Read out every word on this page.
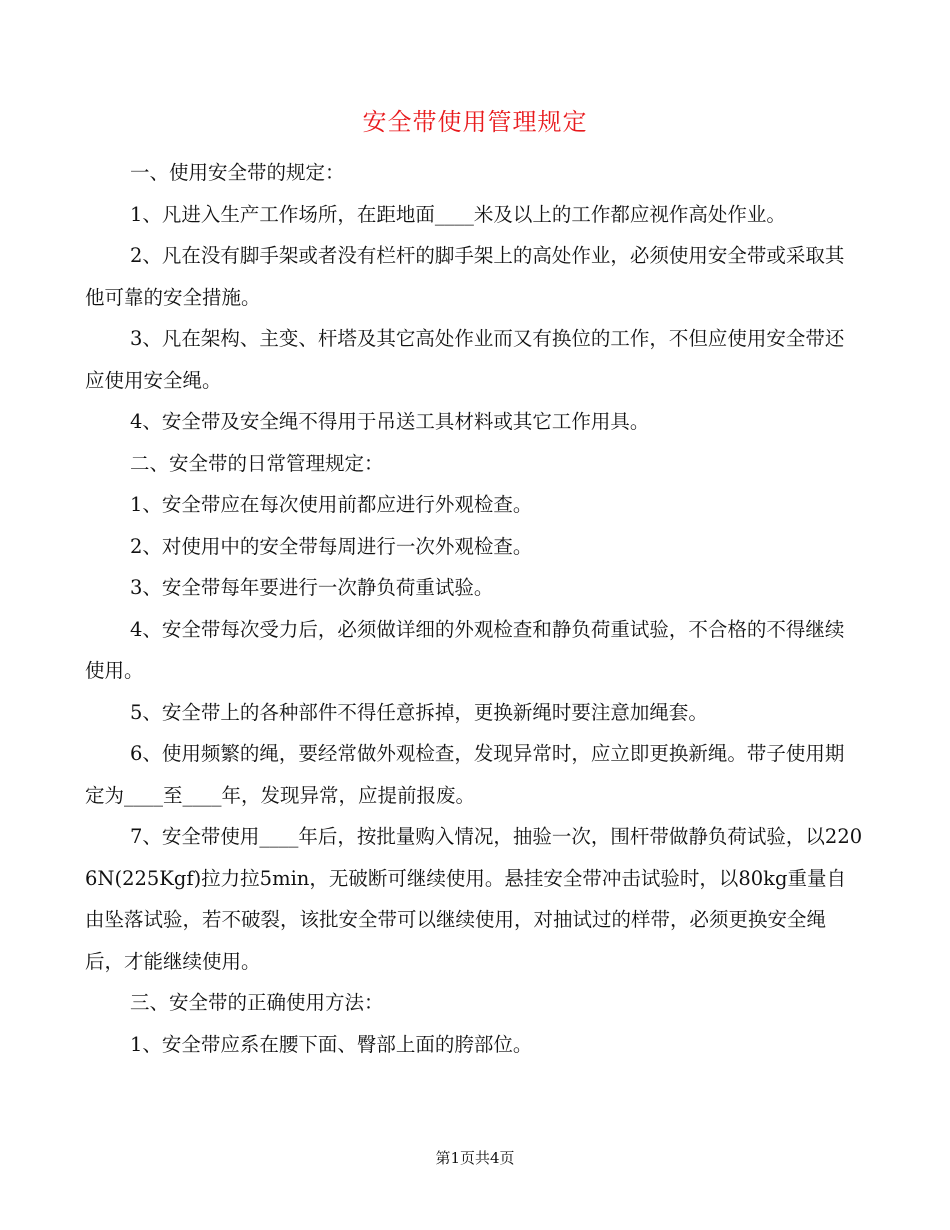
安全带使用管理规定

一、使用安全带的规定：

1、凡进入生产工作场所，在距地面____米及以上的工作都应视作高处作业。

2、凡在没有脚手架或者没有栏杆的脚手架上的高处作业，必须使用安全带或采取其他可靠的安全措施。

3、凡在架构、主变、杆塔及其它高处作业而又有换位的工作，不但应使用安全带还应使用安全绳。

4、安全带及安全绳不得用于吊送工具材料或其它工作用具。

二、安全带的日常管理规定：

1、安全带应在每次使用前都应进行外观检查。

2、对使用中的安全带每周进行一次外观检查。

3、安全带每年要进行一次静负荷重试验。

4、安全带每次受力后，必须做详细的外观检查和静负荷重试验，不合格的不得继续使用。

5、安全带上的各种部件不得任意拆掉，更换新绳时要注意加绳套。

6、使用频繁的绳，要经常做外观检查，发现异常时，应立即更换新绳。带子使用期定为____至____年，发现异常，应提前报废。

7、安全带使用____年后，按批量购入情况，抽验一次，围杆带做静负荷试验，以2206N(225Kgf)拉力拉5min，无破断可继续使用。悬挂安全带冲击试验时，以80kg重量自由坠落试验，若不破裂，该批安全带可以继续使用，对抽试过的样带，必须更换安全绳后，才能继续使用。

三、安全带的正确使用方法：

1、安全带应系在腰下面、臀部上面的胯部位。

第1页共4页
